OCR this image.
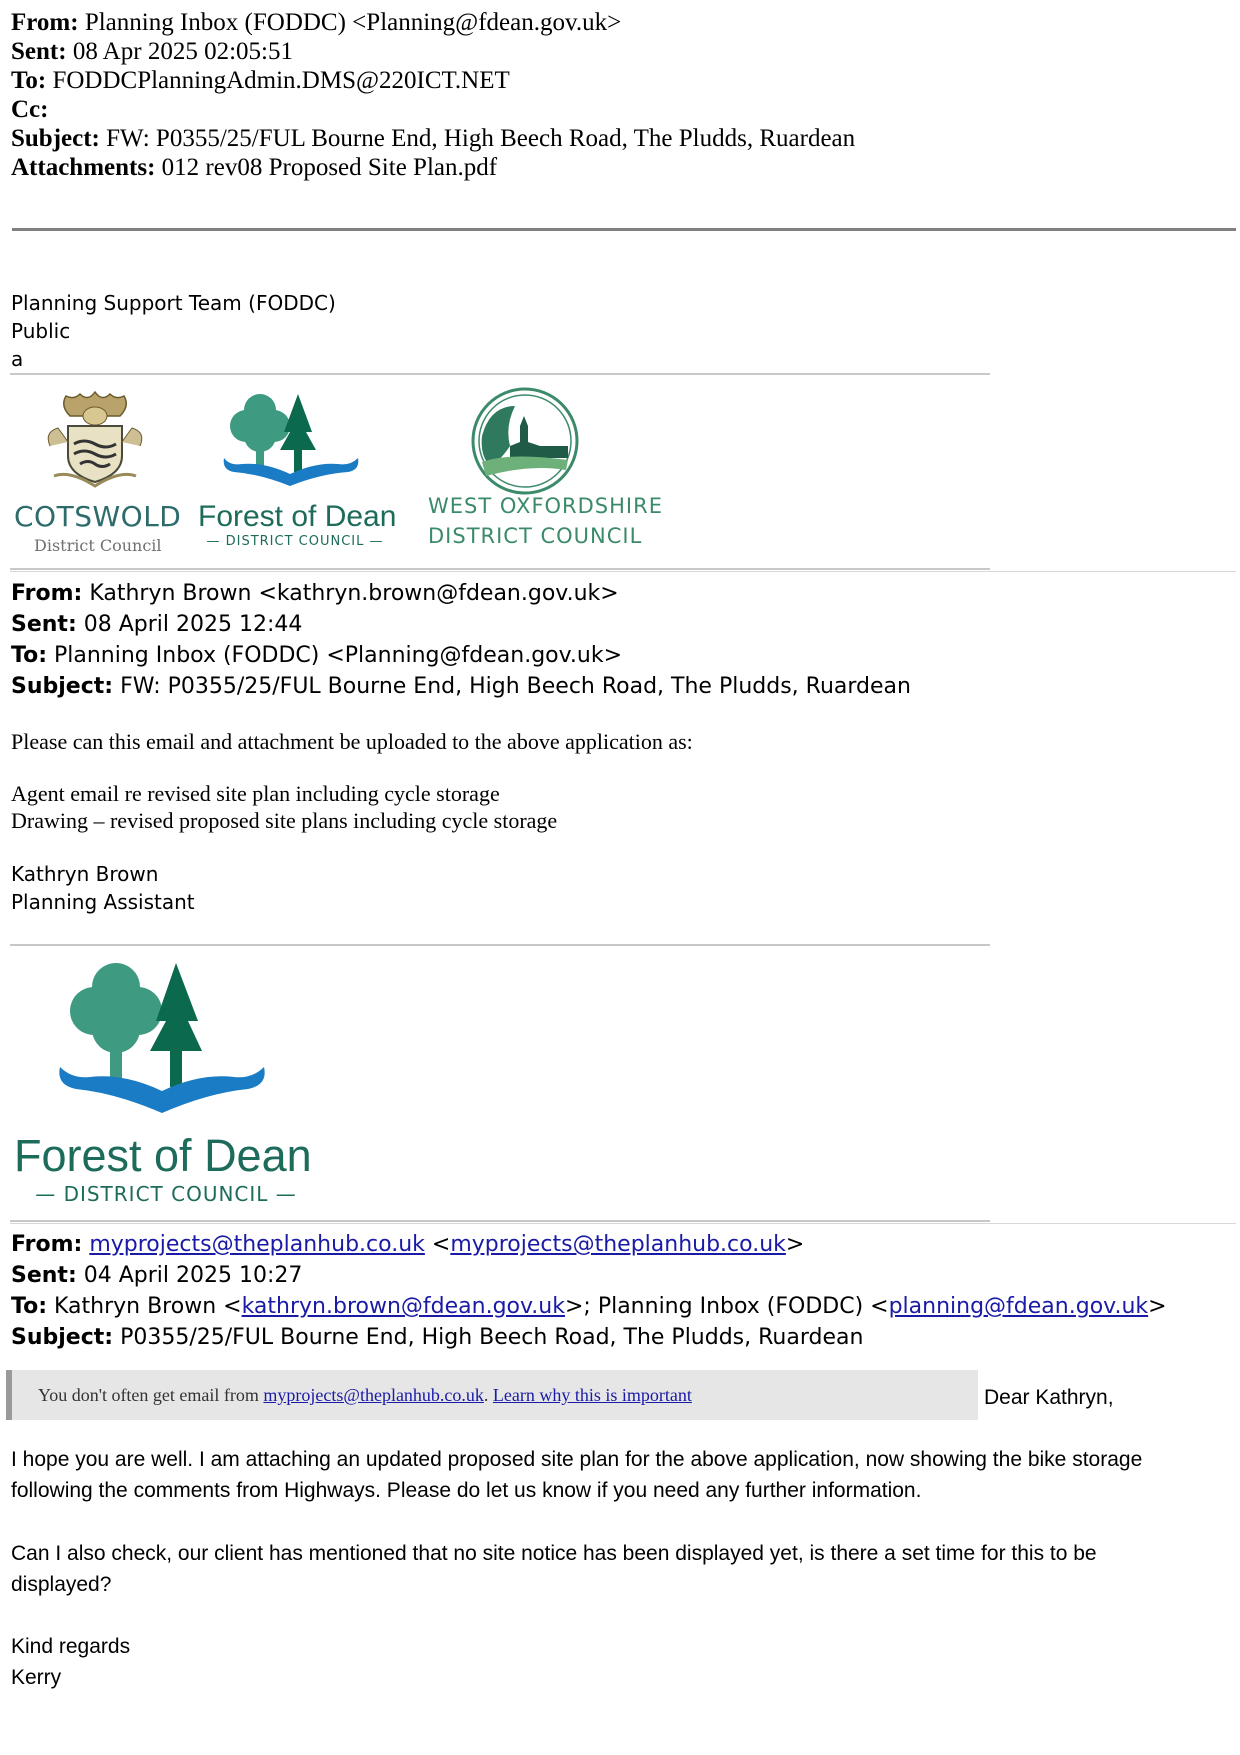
From: Planning Inbox (FODDC) <Planning@fdean.gov.uk>
Sent: 08 Apr 2025 02:05:51
To: FODDCPlanningAdmin.DMS@220ICT.NET
Cc:
Subject: FW: P0355/25/FUL Bourne End, High Beech Road, The Pludds, Ruardean
Attachments: 012 rev08 Proposed Site Plan.pdf
Planning Support Team (FODDC)
Public
a
COTSWOLD
District Council
Forest of Dean
— DISTRICT COUNCIL —
WEST OXFORDSHIRE
DISTRICT COUNCIL
From: Kathryn Brown <kathryn.brown@fdean.gov.uk>
Sent: 08 April 2025 12:44
To: Planning Inbox (FODDC) <Planning@fdean.gov.uk>
Subject: FW: P0355/25/FUL Bourne End, High Beech Road, The Pludds, Ruardean
Please can this email and attachment be uploaded to the above application as:
Agent email re revised site plan including cycle storage
Drawing – revised proposed site plans including cycle storage
Kathryn Brown
Planning Assistant
Forest of Dean
— DISTRICT COUNCIL —
From: myprojects@theplanhub.co.uk <myprojects@theplanhub.co.uk>
Sent: 04 April 2025 10:27
To: Kathryn Brown <kathryn.brown@fdean.gov.uk>; Planning Inbox (FODDC) <planning@fdean.gov.uk>
Subject: P0355/25/FUL Bourne End, High Beech Road, The Pludds, Ruardean
You don't often get email from myprojects@theplanhub.co.uk. Learn why this is important	Dear Kathryn,
I hope you are well. I am attaching an updated proposed site plan for the above application, now showing the bike storage
following the comments from Highways. Please do let us know if you need any further information.
Can I also check, our client has mentioned that no site notice has been displayed yet, is there a set time for this to be
displayed?
Kind regards
Kerry
